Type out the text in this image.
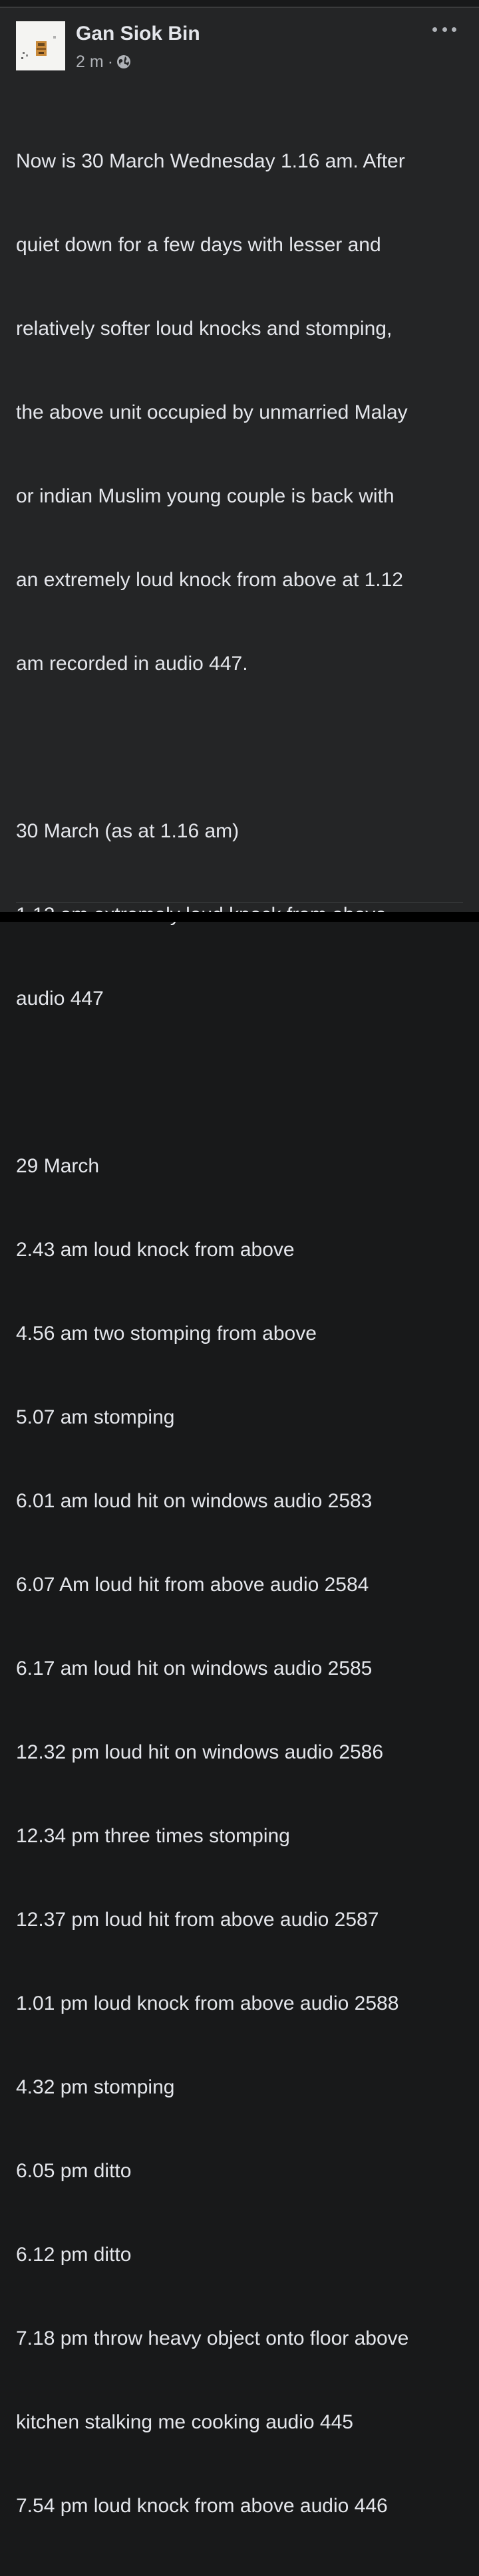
Gan Siok Bin
2 m ·

Now is 30 March Wednesday 1.16 am. After

quiet down for a few days with lesser and

relatively softer loud knocks and stomping,

the above unit occupied by unmarried Malay

or indian Muslim young couple is back with

an extremely loud knock from above at 1.12

am recorded in audio 447.

30 March (as at 1.16 am)

audio 447

29 March

2.43 am loud knock from above

4.56 am two stomping from above

5.07 am stomping

6.01 am loud hit on windows audio 2583

6.07 Am loud hit from above audio 2584

6.17 am loud hit on windows audio 2585

12.32 pm loud hit on windows audio 2586

12.34 pm three times stomping

12.37 pm loud hit from above audio 2587

1.01 pm loud knock from above audio 2588

4.32 pm stomping

6.05 pm ditto

6.12 pm ditto

7.18 pm throw heavy object onto floor above

kitchen stalking me cooking audio 445

7.54 pm loud knock from above audio 446
